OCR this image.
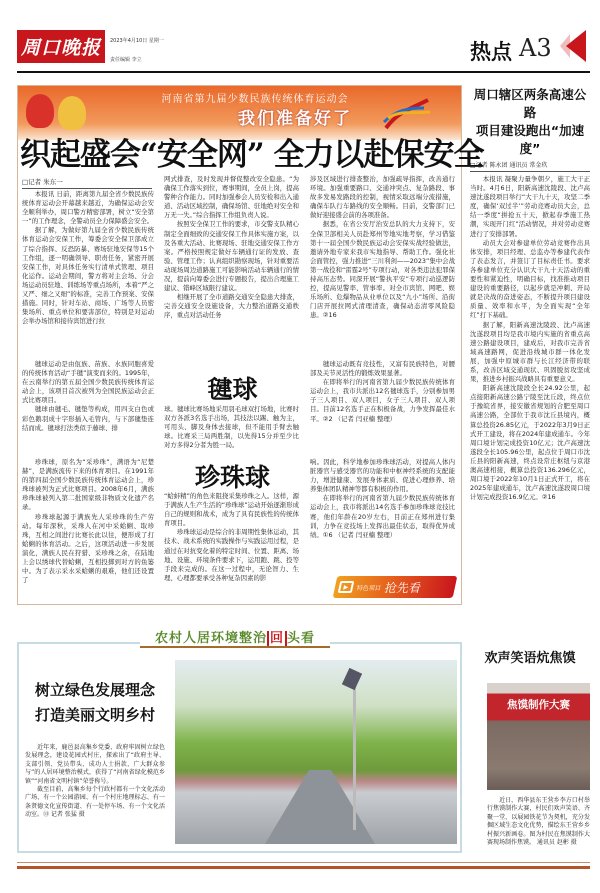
周口晚报	2023年4月10日 星期一
责任编辑 李立	热点 A3
河南省第九届少数民族传统体育运动会
我们准备好了
织起盛会“安全网” 全力以赴保安全
□记者 朱东一

本报讯 日前，距离第九届全省少数民族传统体育运动会开幕越来越近，为确保运动会安全顺利举办，周口警方精密部署，树立“安全第一”的工作理念，全警动员全力保障盛会安全。

据了解，为做好第九届全省少数民族传统体育运动会安保工作，筹委会安全保卫部成立了综合指挥、反恐防暴、赛场驻地安保等15个工作组，逐一明确领导、职责任务，紧密开展安保工作，对具体任务实行清单式管理、项目化运作。运动会期间，警方将对主会场、分会场运动员驻地、训练场等重点场所，本着“严之又严、细之又细”的标准，完善工作预案、安保措施。同时，针对车站、商场、广场等人员密集场所、重点单位和要害部位，特别是对运动会举办场馆和接待宾馆进行拉

网式排查，及时发现并督促整改安全隐患。“为确保工作落实到位，赛事期间，全员上岗，提高警种合作能力。同时加强参会人员安检和出入通道、活动区域控制，确保场馆、驻地绝对安全和万无一失。”综合指挥工作组负责人说。

按照安全保卫工作的要求，市交警支队精心制定全面细致的交通安保工作具体实施方案，以及各重大活动、比赛现场、驻地交通安保工作方案。严格按照规定做好车辆通行证的发放、查验、管理工作；认真组织勘察现场，针对重要活动现场周边道路施工可能影响活动车辆通行的情况，提前向筹委会进行专题报告，提出合理施工建议、错峰区域限行建议。

相继开展了全市道路交通安全隐患大排查，完善交通安全设施设备，大力整治道路交通秩序，重点对活动任务

涉及区域进行排查整治，加强疏导指挥，改善通行环境。加强重要路口、交通冲突点、复杂路段、事故多发易发路段的控制，视情采取远端分流措施，确保车队行车路线的安全顺畅。目前，交警部门已做好迎接盛会前的各项准备。

据悉，在省公安厅治安总队的大力支持下，安全保卫部相关人员赴郑州等地实地考察，学习借鉴第十一届全国少数民族运动会安保实战经验做法，邀请外地专家来我市实地指导、帮助工作。强化社会面管控，强力推进“三川利剑——2023”集中会战第一战役和“雷霆2号”专项行动，对各类违法犯罪保持高压态势。同深开展“警执平安”专项行动巡逻防控，提高见警率、管事率。对全市宾馆、网吧、娱乐场所、危爆物品从业单位以及“九小”场所、沿街门店开展拉网式清理清查，确保动态清零风险隐患。②16

毽球

毽球运动是由佤族、苗族、水族同胞喜爱的传统体育活动“手毽”演变而来的。1995年，在云南举行的第五届全国少数民族传统体育运动会上，该项目首次被列为全国民族运动会正式比赛项目。

毽球由毽毛、毽垫等构成，用四支白色或彩色鹅羽成十字形插入毛管内，与下部毽垫连结而成。毽球打法类似于藤球、排

球。毽球比赛场地采用羽毛球双打场地，比赛时双方各派3名选手出场，其技法以踢、触为主，可用头、脚及身体去接球，但不能用手臂去触球。比赛采三局两胜制，以先得15分并至少比对方多得2分者为胜一局。

毽球运动既有竞技性，又富有民族特色，对腰部及关节灵活性的锻炼效果显著。

在即将举行的河南省第九届少数民族传统体育运动会上，我市共派出12名毽球选手，分别参加男子三人项目、双人项目，女子三人项目、双人项目。目前12名选手正在积极备战，力争发挥最佳水平。②2 （记者 闫亚楠 整理）

珍珠球

珍珠球，原名为“采珍珠”，满语为“尼楚赫”，是满族流传下来的体育项目。在1991年的第四届全国少数民族传统体育运动会上，珍珠球被列为正式比赛项目。2008年6月，满族珍珠球被列入第二批国家级非物质文化遗产名录。

珍珠球起源于满族先人采珍珠的生产劳动。每年深秋，采珠人在河中采蛤蜊、取珍珠，互相之间进行比赛长此以往，便形成了打蛤蜊的体育活动。之后，这项活动进一步发展演化，满族人民在狩猎、采珍珠之余，在陆地上会以绣球代替蛤蜊，互相投掷到对方的鱼篓中。为了表示采水采蛤蜊的艰难，他们还设置了

“蛤蚌精”的角色来阻挠采集珍珠之人。这样，源于满族人生产生活的“珍珠球”运动开始逐渐形成自己的规则和战术，成为了具有民族性的传统体育项目。

珍珠球运动是综合的非周期性集体运动，其技术、战术系统的实践操作与实践运用过程，是通过在对抗变化着的特定时间、位置、距离、场地、设施、环境条件要求下，运用跑、跳、投等手段来完成的。在这一过程中，无论智力、生理、心理都要承受各种复杂因素的影

响。因此，科学地参加珍珠球活动，对提高人体内脏器官与感受器官的功能和中枢神经系统的支配能力，增进健康、发展身体素质、促进心理修养、培养集体团队精神等都有积极的作用。

在即将举行的河南省第九届少数民族传统体育运动会上，我市将派出14名选手参加珍珠球竞技比赛，他们年龄在20岁左右，目前正在郑州进行集训，力争在竞技场上发挥出最佳状态，取得优异成绩。①6 （记者 闫亚楠 整理）

▶	特色项目 抢先看
周口辖区两条高速公路
项目建设跑出“加速度”
□记者 陈永团 通讯员 常金玖

本报讯 凝聚力量争朝夕，施工大干正当时。4月6日，阳新高速沈陵段、沈卢高速沈遂段项目举行“大干九十天，攻坚二季度，确保‘双过半’”劳动竞赛动员大会，总结一季度“拼抢五十天，掀起春季施工热潮，实现开门红”活动情况，并对劳动竞赛进行了安排部署。

动员大会对参建单位劳动竞赛作出具体安排，项目经理、总监办等参建代表作了表态发言，并签订了目标责任书。要求各参建单位充分认识大干九十天活动的重要性和紧迫性，明确目标，找准推动项目建设的重要路径，以起步就是冲刺、开局就是决战的奋进姿态，不断提升项目建设质量、效率和水平，为全面实现“全年红”打下基础。

据了解，阳新高速沈陵段、沈卢高速沈遂段项目均是我市境内实施的省重点高速公路建设项目，建成后，对我市完善省域高速路网，促进沿线城市群一体化发展，加强中原城市群与长江经济带的联系，改善区域交通现状、巩固脱贫攻坚成果，推进乡村振兴战略具有重要意义。

阳新高速沈陵段全长24.92公里，起点接阳新高速公路宁陵至沈丘段，终点位于豫皖省界，接安徽省规划的合肥至周口高速公路，全部位于我市沈丘县境内，概算总投资26.85亿元，于2022年3月9日正式开工建设，将在2024年建成通车。今年周口境计划完成投资10亿元；沈卢高速沈遂段全长105.96公里，起点位于周口市沈丘县的阳新高速，终点设常庄枢纽与京港澳高速相接，概算总投资136.296亿元，周口境于2022年10月1日正式开工，将在2025年建成通车，沈卢高速沈遂段周口境计划完成投资16.9亿元。②16

农村人居环境整治 回 头看
树立绿色发展理念
打造美丽文明乡村

近年来，鹿邑县高集乡党委、政府牢固树立绿色发展理念，建设花园式村庄，探索出了“政府主导、支部引领、党员带头、成功人士捐款、广大群众参与”的人居环境整治模式，获得了“河南省绿化模范乡镇”“河南省文明村镇”荣誉称号。

截至目前，高集乡每个行政村都有一个文化活动广场、有一个公园游园、有一个村庄地理标志、有一条贤德文化宣传街道、有一处停车场、有一个文化活动室。⑬ 记者 张猛 摄

欢声笑语炕焦馍
焦馍制作大赛

近日，西华县东王营乡李方口村举行焦馍制作大赛，村民们欢声笑语、齐聚一堂，以展园铁花节为契机，充分发掘区域生态文化优势，描绘东王营乡乡村振兴新画卷。图为村民在焦馍制作大赛现场制作焦馍。 通讯员 赵彬 摄
